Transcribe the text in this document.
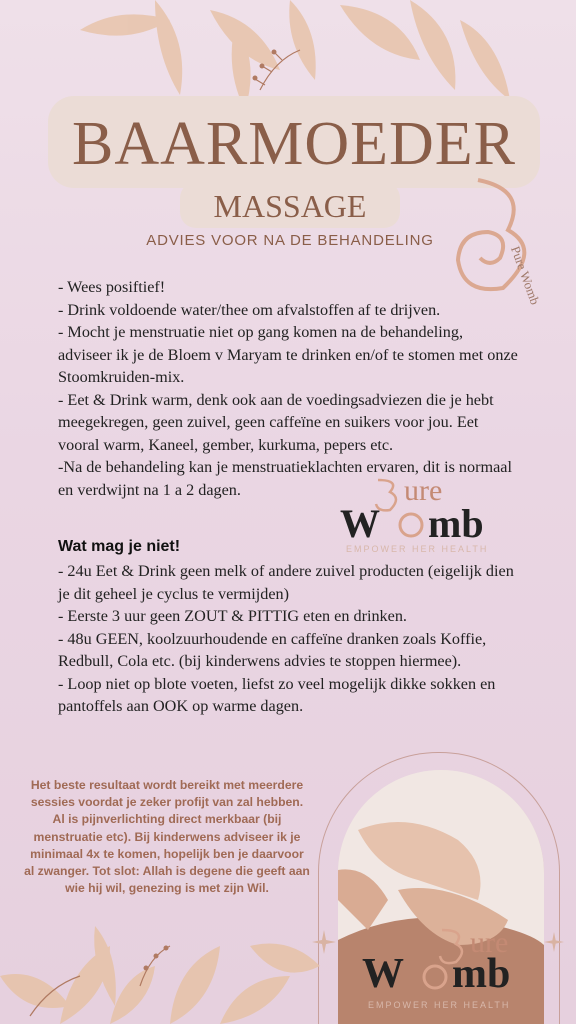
BAARMOEDER
MASSAGE
ADVIES VOOR NA DE BEHANDELING
Pure Womb

- Wees posiftief!

- Drink voldoende water/thee om afvalstoffen af te drijven.

- Mocht je menstruatie niet op gang komen na de behandeling, adviseer ik je de Bloem v Maryam te drinken en/of te stomen met onze Stoomkruiden-mix.

- Eet & Drink warm, denk ook aan de voedingsadviezen die je hebt meegekregen, geen zuivel, geen caffeïne en suikers voor jou. Eet vooral warm, Kaneel, gember, kurkuma, pepers etc.

-Na de behandeling kan je menstruatieklachten ervaren, dit is normaal en verdwijnt na 1 a 2 dagen.	ure
W mb
EMPOWER HER HEALTH
Wat mag je niet!

- 24u Eet & Drink geen melk of andere zuivel producten (eigelijk dien je dit geheel je cyclus te vermijden)

- Eerste 3 uur geen ZOUT & PITTIG eten en drinken.

- 48u GEEN, koolzuurhoudende en caffeïne dranken zoals Koffie, Redbull, Cola etc. (bij kinderwens advies te stoppen hiermee).

- Loop niet op blote voeten, liefst zo veel mogelijk dikke sokken en pantoffels aan OOK op warme dagen.

Het beste resultaat wordt bereikt met meerdere sessies voordat je zeker profijt van zal hebben. Al is pijnverlichting direct merkbaar (bij menstruatie etc). Bij kinderwens adviseer ik je minimaal 4x te komen, hopelijk ben je daarvoor al zwanger. Tot slot: Allah is degene die geeft aan wie hij wil, genezing is met zijn Wil.
ure
W mb
EMPOWER HER HEALTH
